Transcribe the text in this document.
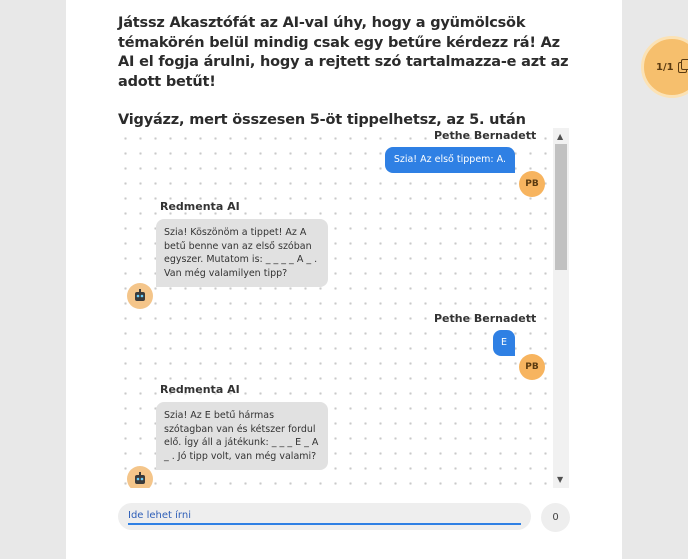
Játssz Akasztófát az AI-val úhy, hogy a gyümölcsök témakörén belül mindig csak egy betűre kérdezz rá! Az AI el fogja árulni, hogy a rejtett szó tartalmazza-e azt az adott betűt!

Vigyázz, mert összesen 5-öt tippelhetsz, az 5. után

Pethe Bernadett
Szia! Az első tippem: A.
PB
Redmenta AI
Szia! Köszönöm a tippet! Az A betű benne van az első szóban egyszer. Mutatom is: _ _ _ _ A _ . Van még valamilyen tipp?
Pethe Bernadett
E
PB
Redmenta AI
Szia! Az E betű hármas szótagban van és kétszer fordul elő. Így áll a játékunk: _ _ _ E _ A _ . Jó tipp volt, van még valami?
▲
▼
Ide lehet írni
0
1/1
